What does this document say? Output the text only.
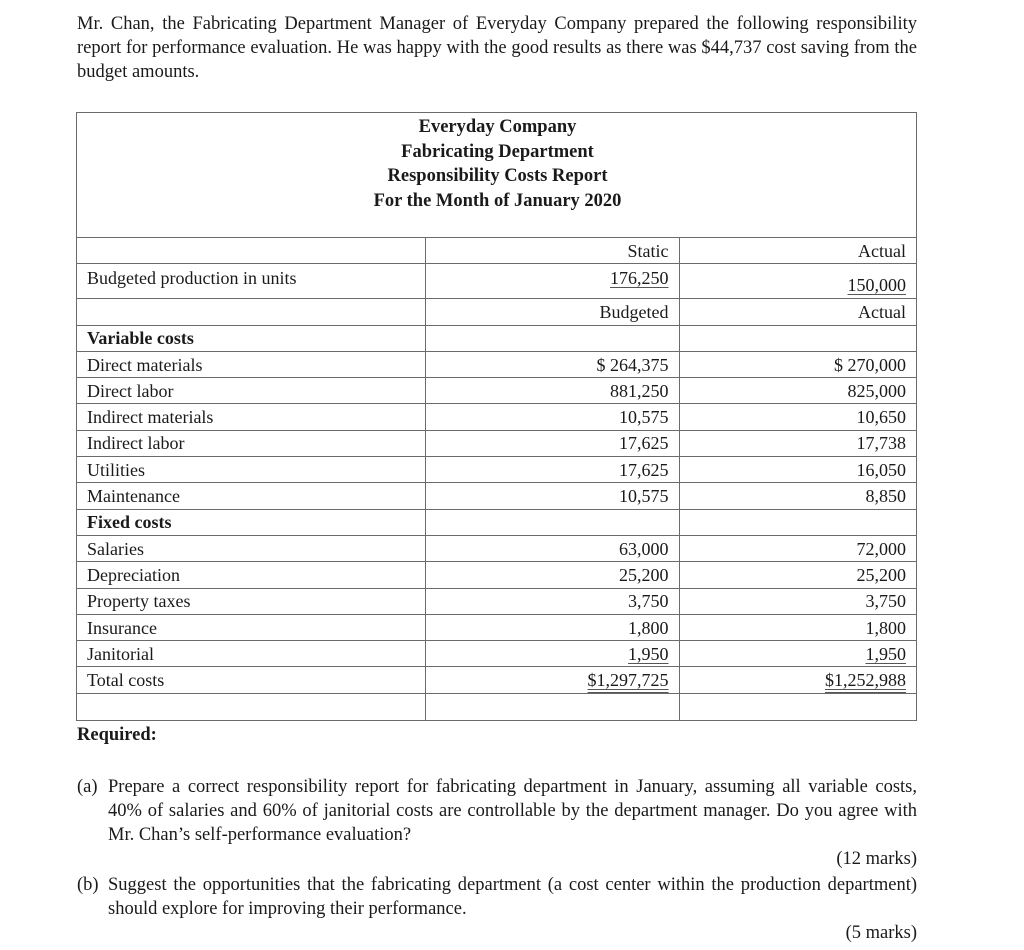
Mr. Chan, the Fabricating Department Manager of Everyday Company prepared the following responsibility report for performance evaluation. He was happy with the good results as there was $44,737 cost saving from the budget amounts.

Everyday Company
Fabricating Department
Responsibility Costs Report
For the Month of January 2020		

	Static	Actual
Budgeted production in units	176,250	150,000
	Budgeted	Actual
Variable costs		
Direct materials	$ 264,375	$ 270,000
Direct labor	881,250	825,000
Indirect materials	10,575	10,650
Indirect labor	17,625	17,738
Utilities	17,625	16,050
Maintenance	10,575	8,850
Fixed costs		
Salaries	63,000	72,000
Depreciation	25,200	25,200
Property taxes	3,750	3,750
Insurance	1,800	1,800
Janitorial	1,950	1,950
Total costs	$1,297,725	$1,252,988

Required:
(a) Prepare a correct responsibility report for fabricating department in January, assuming all variable costs, 40% of salaries and 60% of janitorial costs are controllable by the department manager. Do you agree with Mr. Chan’s self-performance evaluation?
(12 marks)
(b) Suggest the opportunities that the fabricating department (a cost center within the production department) should explore for improving their performance.
(5 marks)
